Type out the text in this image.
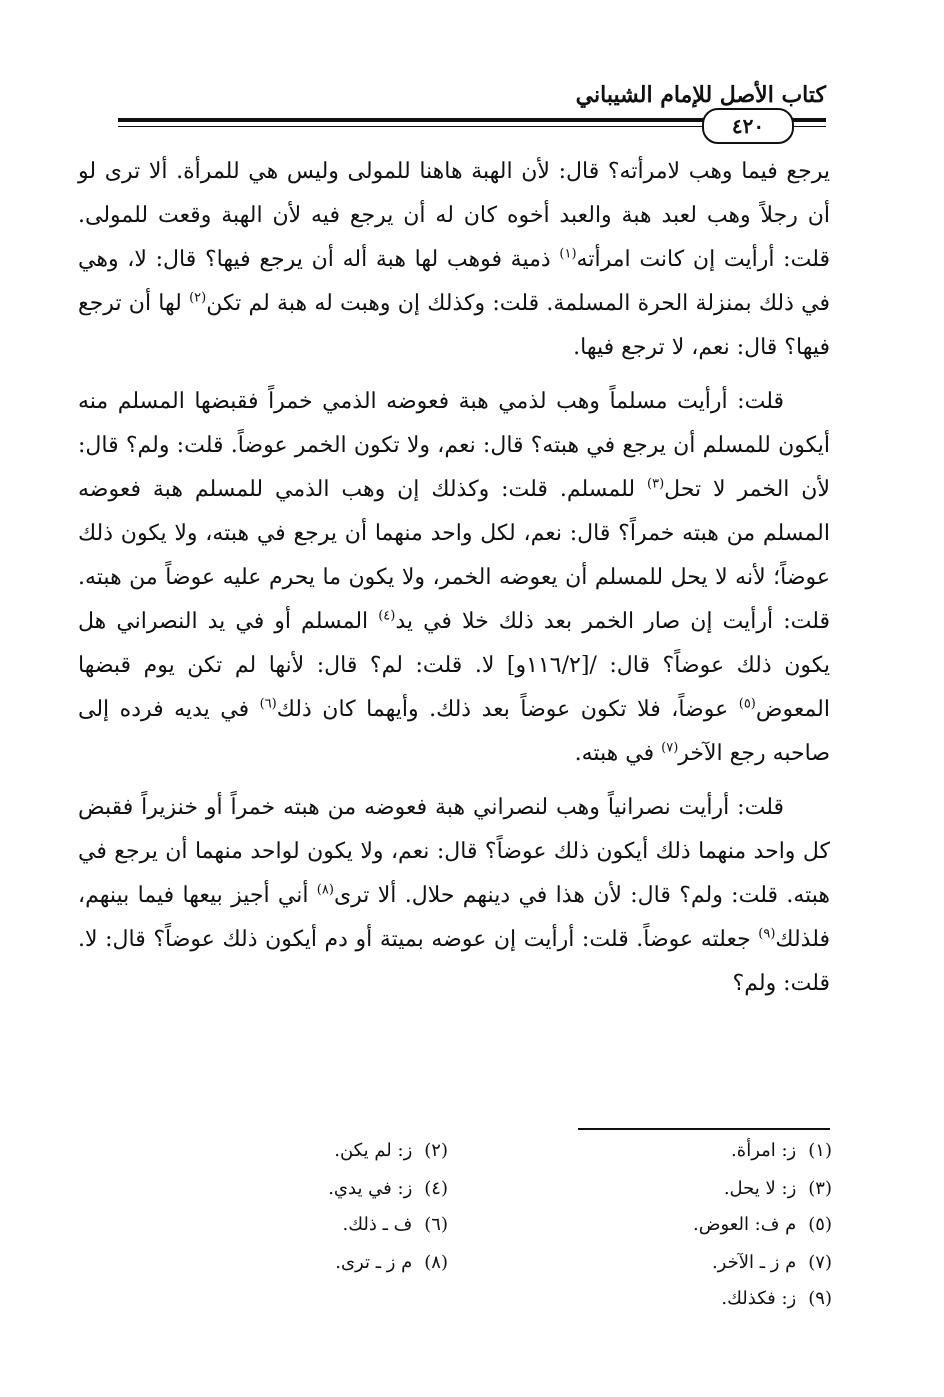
كتاب الأصل للإمام الشيباني
٤٢٠

يرجع فيما وهب لامرأته؟ قال: لأن الهبة هاهنا للمولى وليس هي للمرأة. ألا ترى لو أن رجلاً وهب لعبد هبة والعبد أخوه كان له أن يرجع فيه لأن الهبة وقعت للمولى. قلت: أرأيت إن كانت امرأته$^{(١)}$ ذمية فوهب لها هبة أله أن يرجع فيها؟ قال: لا، وهي في ذلك بمنزلة الحرة المسلمة. قلت: وكذلك إن وهبت له هبة لم تكن$^{(٢)}$ لها أن ترجع فيها؟ قال: نعم، لا ترجع فيها.

قلت: أرأيت مسلماً وهب لذمي هبة فعوضه الذمي خمراً فقبضها المسلم منه أيكون للمسلم أن يرجع في هبته؟ قال: نعم، ولا تكون الخمر عوضاً. قلت: ولم؟ قال: لأن الخمر لا تحل$^{(٣)}$ للمسلم. قلت: وكذلك إن وهب الذمي للمسلم هبة فعوضه المسلم من هبته خمراً؟ قال: نعم، لكل واحد منهما أن يرجع في هبته، ولا يكون ذلك عوضاً؛ لأنه لا يحل للمسلم أن يعوضه الخمر، ولا يكون ما يحرم عليه عوضاً من هبته. قلت: أرأيت إن صار الخمر بعد ذلك خلا في يد$^{(٤)}$ المسلم أو في يد النصراني هل يكون ذلك عوضاً؟ قال: /[١١٦/٢و] لا. قلت: لم؟ قال: لأنها لم تكن يوم قبضها المعوض$^{(٥)}$ عوضاً، فلا تكون عوضاً بعد ذلك. وأيهما كان ذلك$^{(٦)}$ في يديه فرده إلى صاحبه رجع الآخر$^{(٧)}$ في هبته.

قلت: أرأيت نصرانياً وهب لنصراني هبة فعوضه من هبته خمراً أو خنزيراً فقبض كل واحد منهما ذلك أيكون ذلك عوضاً؟ قال: نعم، ولا يكون لواحد منهما أن يرجع في هبته. قلت: ولم؟ قال: لأن هذا في دينهم حلال. ألا ترى$^{(٨)}$ أني أجيز بيعها فيما بينهم، فلذلك$^{(٩)}$ جعلته عوضاً. قلت: أرأيت إن عوضه بميتة أو دم أيكون ذلك عوضاً؟ قال: لا. قلت: ولم؟

(١)ز: امرأة.
(٢)ز: لم يكن.
(٣)ز: لا يحل.
(٤)ز: في يدي.
(٥)م ف: العوض.
(٦)ف ـ ذلك.
(٧)م ز ـ الآخر.
(٨)م ز ـ ترى.
(٩)ز: فكذلك.
